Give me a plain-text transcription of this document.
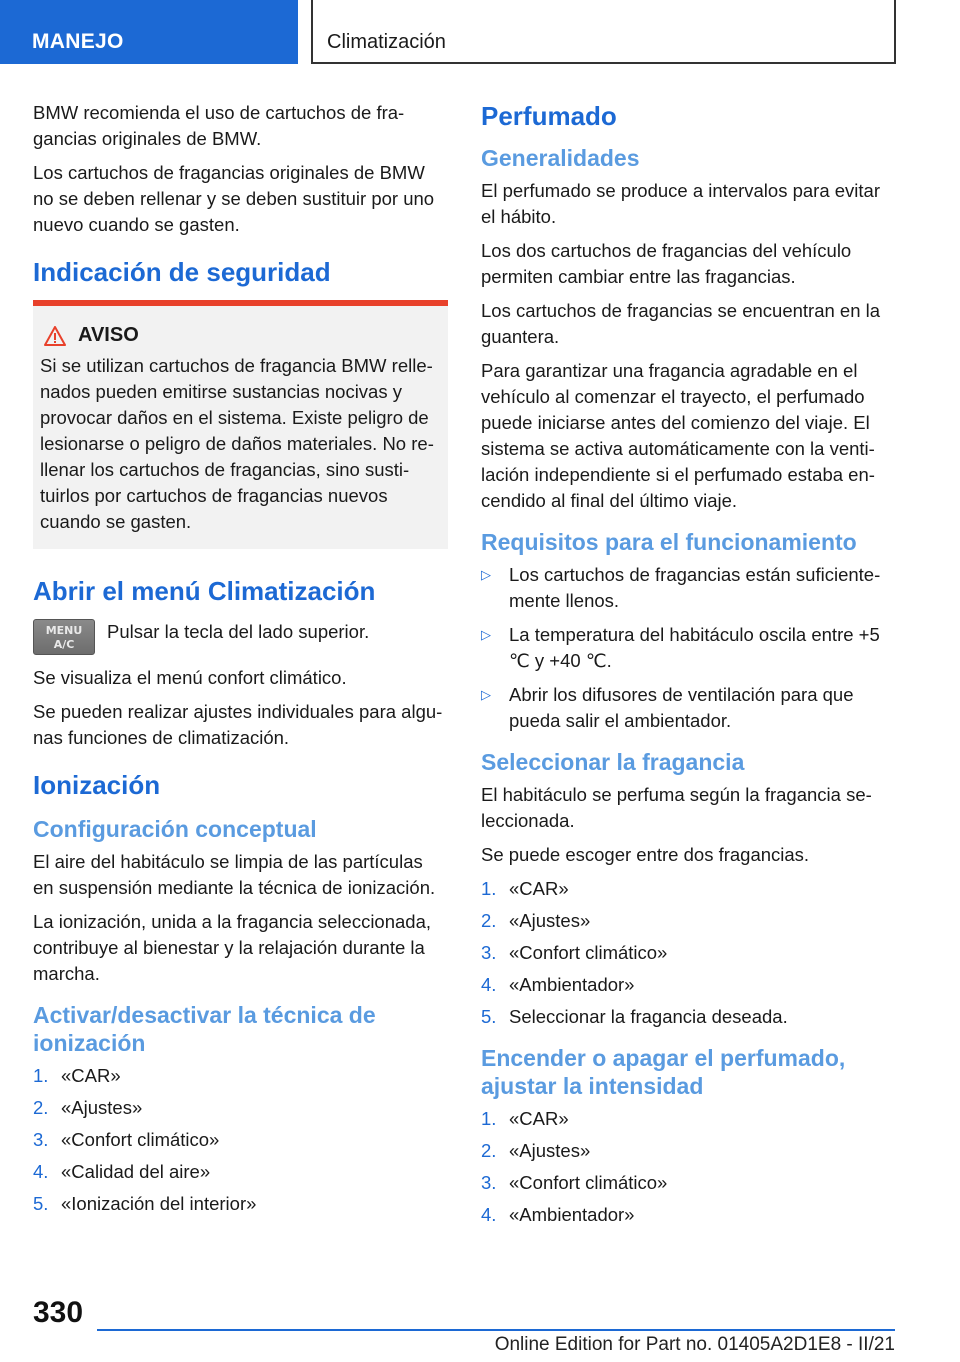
MANEJO	Climatización

BMW recomienda el uso de cartuchos de fragancias originales de BMW.

Los cartuchos de fragancias originales de BMW no se deben rellenar y se deben sustituir por uno nuevo cuando se gasten.

Indicación de seguridad
AVISO

Si se utilizan cartuchos de fragancia BMW rellenados pueden emitirse sustancias nocivas y provocar daños en el sistema. Existe peligro de lesionarse o peligro de daños materiales. No rellenar los cartuchos de fragancias, sino sustituirlos por cartuchos de fragancias nuevos cuando se gasten.

Abrir el menú Climatización
MENU
A/C

Pulsar la tecla del lado superior.

Se visualiza el menú confort climático.

Se pueden realizar ajustes individuales para algunas funciones de climatización.

Ionización
Configuración conceptual

El aire del habitáculo se limpia de las partículas en suspensión mediante la técnica de ionización.

La ionización, unida a la fragancia seleccionada, contribuye al bienestar y la relajación durante la marcha.

Activar/desactivar la técnica de ionización
1. «CAR»
2. «Ajustes»
3. «Confort climático»
4. «Calidad del aire»
5. «Ionización del interior»
Perfumado
Generalidades

El perfumado se produce a intervalos para evitar el hábito.

Los dos cartuchos de fragancias del vehículo permiten cambiar entre las fragancias.

Los cartuchos de fragancias se encuentran en la guantera.

Para garantizar una fragancia agradable en el vehículo al comenzar el trayecto, el perfumado puede iniciarse antes del comienzo del viaje. El sistema se activa automáticamente con la ventilación independiente si el perfumado estaba encendido al final del último viaje.

Requisitos para el funcionamiento
▷ Los cartuchos de fragancias están suficientemente llenos.
▷ La temperatura del habitáculo oscila entre +5 ℃ y +40 ℃.
▷ Abrir los difusores de ventilación para que pueda salir el ambientador.
Seleccionar la fragancia

El habitáculo se perfuma según la fragancia seleccionada.

Se puede escoger entre dos fragancias.

1. «CAR»
2. «Ajustes»
3. «Confort climático»
4. «Ambientador»
5. Seleccionar la fragancia deseada.
Encender o apagar el perfumado, ajustar la intensidad
1. «CAR»
2. «Ajustes»
3. «Confort climático»
4. «Ambientador»
330
Online Edition for Part no. 01405A2D1E8 - II/21
